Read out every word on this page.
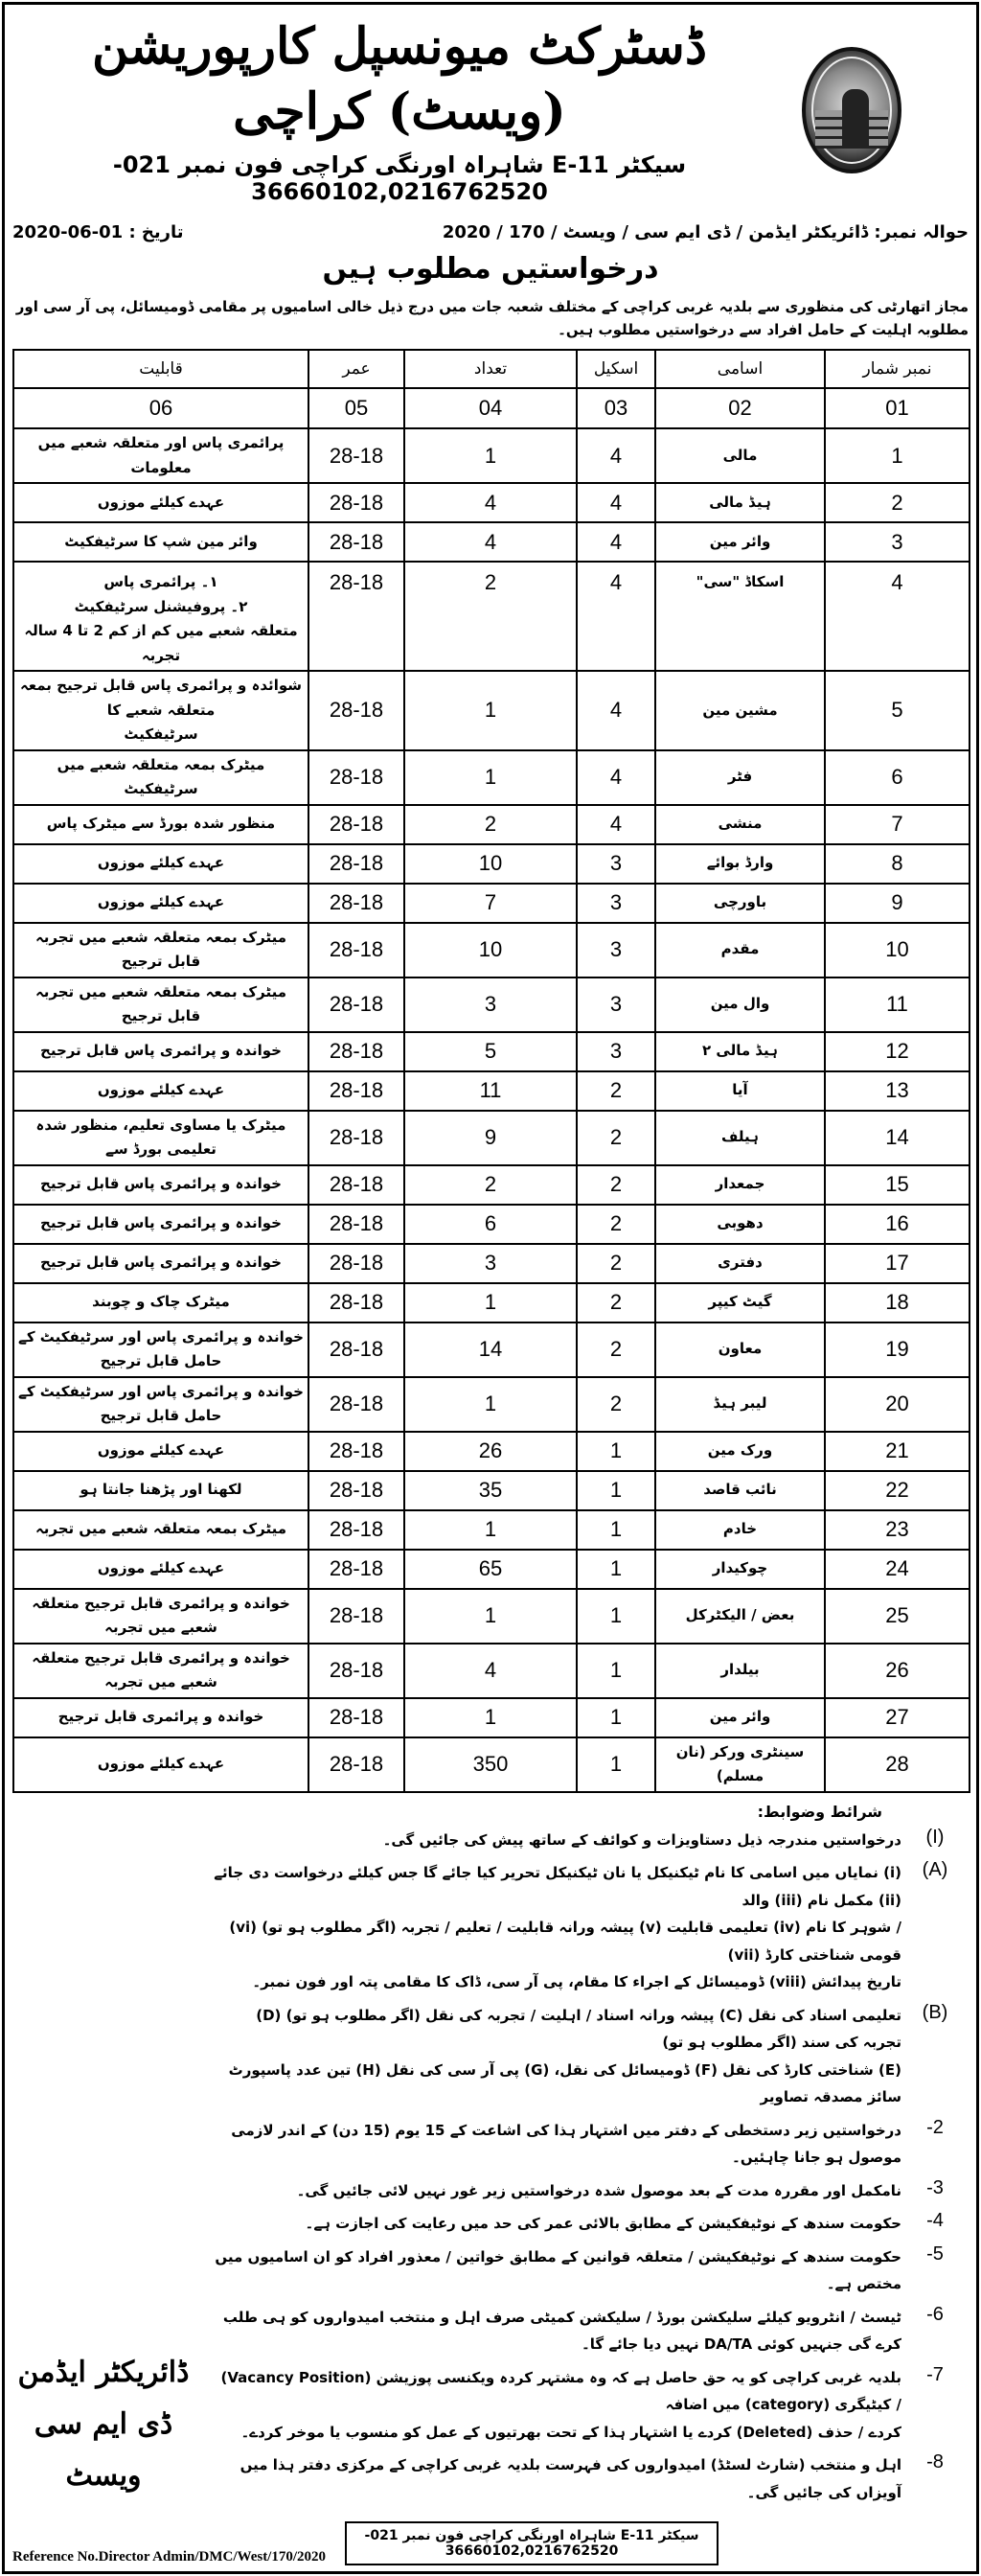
ڈسٹرکٹ میونسپل کارپوریشن (ویسٹ) کراچی
سیکٹر E-11 شاہراہ اورنگی کراچی فون نمبر 021-36660102,0216762520
حوالہ نمبر: ڈائریکٹر ایڈمن / ڈی ایم سی / ویسٹ / 170 / 2020
تاریخ : 01-06-2020
درخواستیں مطلوب ہیں
مجاز اتھارٹی کی منظوری سے بلدیہ غربی کراچی کے مختلف شعبہ جات میں درج ذیل خالی اسامیوں پر مقامی ڈومیسائل، پی آر سی اور مطلوبہ اہلیت کے حامل افراد سے درخواستیں مطلوب ہیں۔
نمبر شمار	اسامی	اسکیل	تعداد	عمر	قابلیت
01	02	03	04	05	06
1	مالی	4	1	28-18	پرائمری پاس اور متعلقہ شعبے میں معلومات
2	ہیڈ مالی	4	4	28-18	عہدے کیلئے موزوں
3	وائر مین	4	4	28-18	وائر مین شپ کا سرٹیفکیٹ
4	اسکاڈ "سی"	4	2	28-18	۱۔ پرائمری پاس
۲۔ پروفیشنل سرٹیفکیٹ
متعلقہ شعبے میں کم از کم 2 تا 4 سالہ تجربہ
5	مشین مین	4	1	28-18	شوائدہ و پرائمری پاس قابل ترجیح بمعہ متعلقہ شعبے کا
سرٹیفکیٹ
6	فٹر	4	1	28-18	میٹرک بمعہ متعلقہ شعبے میں سرٹیفکیٹ
7	منشی	4	2	28-18	منظور شدہ بورڈ سے میٹرک پاس
8	وارڈ بوائے	3	10	28-18	عہدے کیلئے موزوں
9	باورچی	3	7	28-18	عہدے کیلئے موزوں
10	مقدم	3	10	28-18	میٹرک بمعہ متعلقہ شعبے میں تجربہ قابل ترجیح
11	وال مین	3	3	28-18	میٹرک بمعہ متعلقہ شعبے میں تجربہ قابل ترجیح
12	ہیڈ مالی ۲	3	5	28-18	خواندہ و پرائمری پاس قابل ترجیح
13	آیا	2	11	28-18	عہدے کیلئے موزوں
14	ہیلف	2	9	28-18	میٹرک یا مساوی تعلیم، منظور شدہ تعلیمی بورڈ سے
15	جمعدار	2	2	28-18	خواندہ و پرائمری پاس قابل ترجیح
16	دھوبی	2	6	28-18	خواندہ و پرائمری پاس قابل ترجیح
17	دفتری	2	3	28-18	خواندہ و پرائمری پاس قابل ترجیح
18	گیٹ کیپر	2	1	28-18	میٹرک چاک و چوبند
19	معاون	2	14	28-18	خواندہ و پرائمری پاس اور سرٹیفکیٹ کے حامل قابل ترجیح
20	لیبر ہیڈ	2	1	28-18	خواندہ و پرائمری پاس اور سرٹیفکیٹ کے حامل قابل ترجیح
21	ورک مین	1	26	28-18	عہدے کیلئے موزوں
22	نائب قاصد	1	35	28-18	لکھنا اور پڑھنا جانتا ہو
23	خادم	1	1	28-18	میٹرک بمعہ متعلقہ شعبے میں تجربہ
24	چوکیدار	1	65	28-18	عہدے کیلئے موزوں
25	بعض / الیکٹرکل	1	1	28-18	خواندہ و پرائمری قابل ترجیح متعلقہ شعبے میں تجربہ
26	بیلدار	1	4	28-18	خواندہ و پرائمری قابل ترجیح متعلقہ شعبے میں تجربہ
27	وائر مین	1	1	28-18	خواندہ و پرائمری قابل ترجیح
28	سینٹری ورکر (نان مسلم)	1	350	28-18	عہدے کیلئے موزوں
ڈائریکٹر ایڈمن
ڈی ایم سی ویسٹ
شرائط وضوابط:
(I)
درخواستیں مندرجہ ذیل دستاویزات و کوائف کے ساتھ پیش کی جائیں گی۔
(A)
(i) نمایاں میں اسامی کا نام ٹیکنیکل یا نان ٹیکنیکل تحریر کیا جائے گا جس کیلئے درخواست دی جائے (ii) مکمل نام (iii) والد
/ شوہر کا نام (iv) تعلیمی قابلیت (v) پیشہ ورانہ قابلیت / تعلیم / تجربہ (اگر مطلوب ہو تو) (vi) قومی شناختی کارڈ (vii)
تاریخ پیدائش (viii) ڈومیسائل کے اجراء کا مقام، پی آر سی، ڈاک کا مقامی پتہ اور فون نمبر۔
(B)
تعلیمی اسناد کی نقل (C) پیشہ ورانہ اسناد / اہلیت / تجربہ کی نقل (اگر مطلوب ہو تو) (D) تجربہ کی سند (اگر مطلوب ہو تو)
(E) شناختی کارڈ کی نقل (F) ڈومیسائل کی نقل، (G) پی آر سی کی نقل (H) تین عدد پاسپورٹ سائز مصدقہ تصاویر
-2
درخواستیں زیر دستخطی کے دفتر میں اشتہار ہذا کی اشاعت کے 15 یوم (15 دن) کے اندر لازمی موصول ہو جانا چاہئیں۔
-3
نامکمل اور مقررہ مدت کے بعد موصول شدہ درخواستیں زیر غور نہیں لائی جائیں گی۔
-4
حکومت سندھ کے نوٹیفکیشن کے مطابق بالائی عمر کی حد میں رعایت کی اجازت ہے۔
-5
حکومت سندھ کے نوٹیفکیشن / متعلقہ قوانین کے مطابق خواتین / معذور افراد کو ان اسامیوں میں مختص ہے۔
-6
ٹیسٹ / انٹرویو کیلئے سلیکشن بورڈ / سلیکشن کمیٹی صرف اہل و منتخب امیدواروں کو ہی طلب کرے گی جنہیں کوئی DA/TA نہیں دیا جائے گا۔
-7
بلدیہ غربی کراچی کو یہ حق حاصل ہے کہ وہ مشتہر کردہ ویکنسی پوزیشن (Vacancy Position) / کیٹیگری (category) میں اضافہ
کردے / حذف (Deleted) کردے یا اشتہار ہذا کے تحت بھرتیوں کے عمل کو منسوب یا موخر کردے۔
-8
اہل و منتخب (شارٹ لسٹڈ) امیدواروں کی فہرست بلدیہ غربی کراچی کے مرکزی دفتر ہذا میں آویزاں کی جائیں گی۔
Reference No.Director Admin/DMC/West/170/2020
سیکٹر E-11 شاہراہ اورنگی کراچی فون نمبر 021-36660102,0216762520
